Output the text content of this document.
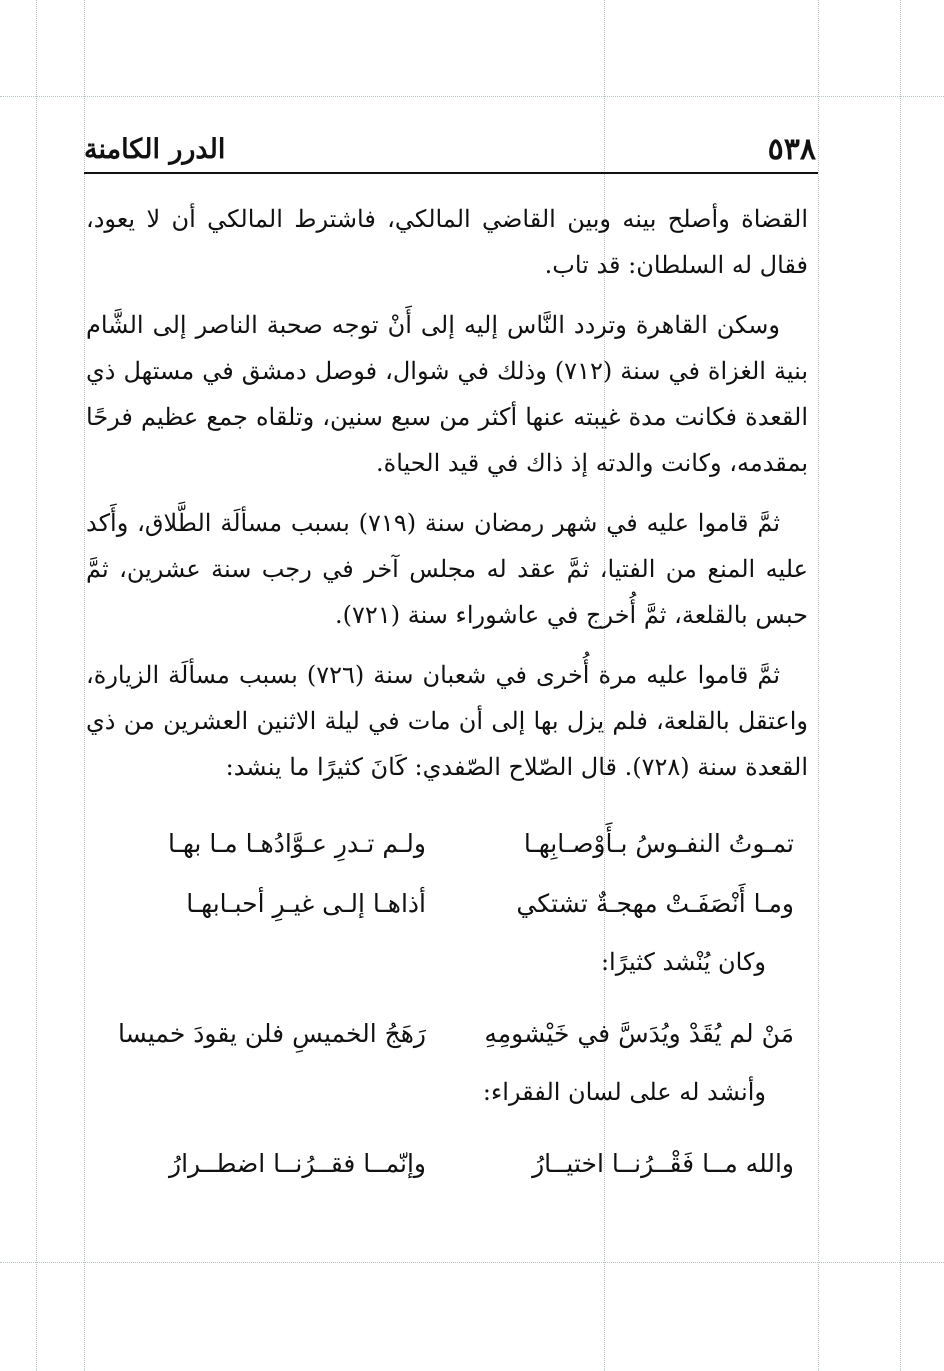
٥٣٨
الدرر الكامنة

القضاة وأصلح بينه وبين القاضي المالكي، فاشترط المالكي أن لا يعود، فقال له السلطان: قد تاب.

وسكن القاهرة وتردد النَّاس إليه إلى أَنْ توجه صحبة الناصر إلى الشَّام بنية الغزاة في سنة (٧١٢) وذلك في شوال، فوصل دمشق في مستهل ذي القعدة فكانت مدة غيبته عنها أكثر من سبع سنين، وتلقاه جمع عظيم فرحًا بمقدمه، وكانت والدته إذ ذاك في قيد الحياة.

ثمَّ قاموا عليه في شهر رمضان سنة (٧١٩) بسبب مسألَة الطَّلاق، وأَكد عليه المنع من الفتيا، ثمَّ عقد له مجلس آخر في رجب سنة عشرين، ثمَّ حبس بالقلعة، ثمَّ أُخرج في عاشوراء سنة (٧٢١).

ثمَّ قاموا عليه مرة أُخرى في شعبان سنة (٧٢٦) بسبب مسألَة الزيارة، واعتقل بالقلعة، فلم يزل بها إلى أن مات في ليلة الاثنين العشرين من ذي القعدة سنة (٧٢٨). قال الصّلاح الصّفدي: كَانَ كثيرًا ما ينشد:

تمـوتُ النفـوسُ بـأَوْصـابِهـا
ولـم تـدرِ عـوَّادُهـا مـا بهـا
ومـا أَنْصَفَـتْ مهجـةٌ تشتكي
أذاهـا إلـى غيـرِ أحبـابهـا

وكان يُنْشد كثيرًا:

مَنْ لم يُقَدْ ويُدَسَّ في خَيْشومِهِ
رَهَجُ الخميسِ فلن يقودَ خميسا

وأنشد له على لسان الفقراء:

والله مــا فَقْــرُنــا اختيــارُ
وإنّمــا فقــرُنــا اضطــرارُ
